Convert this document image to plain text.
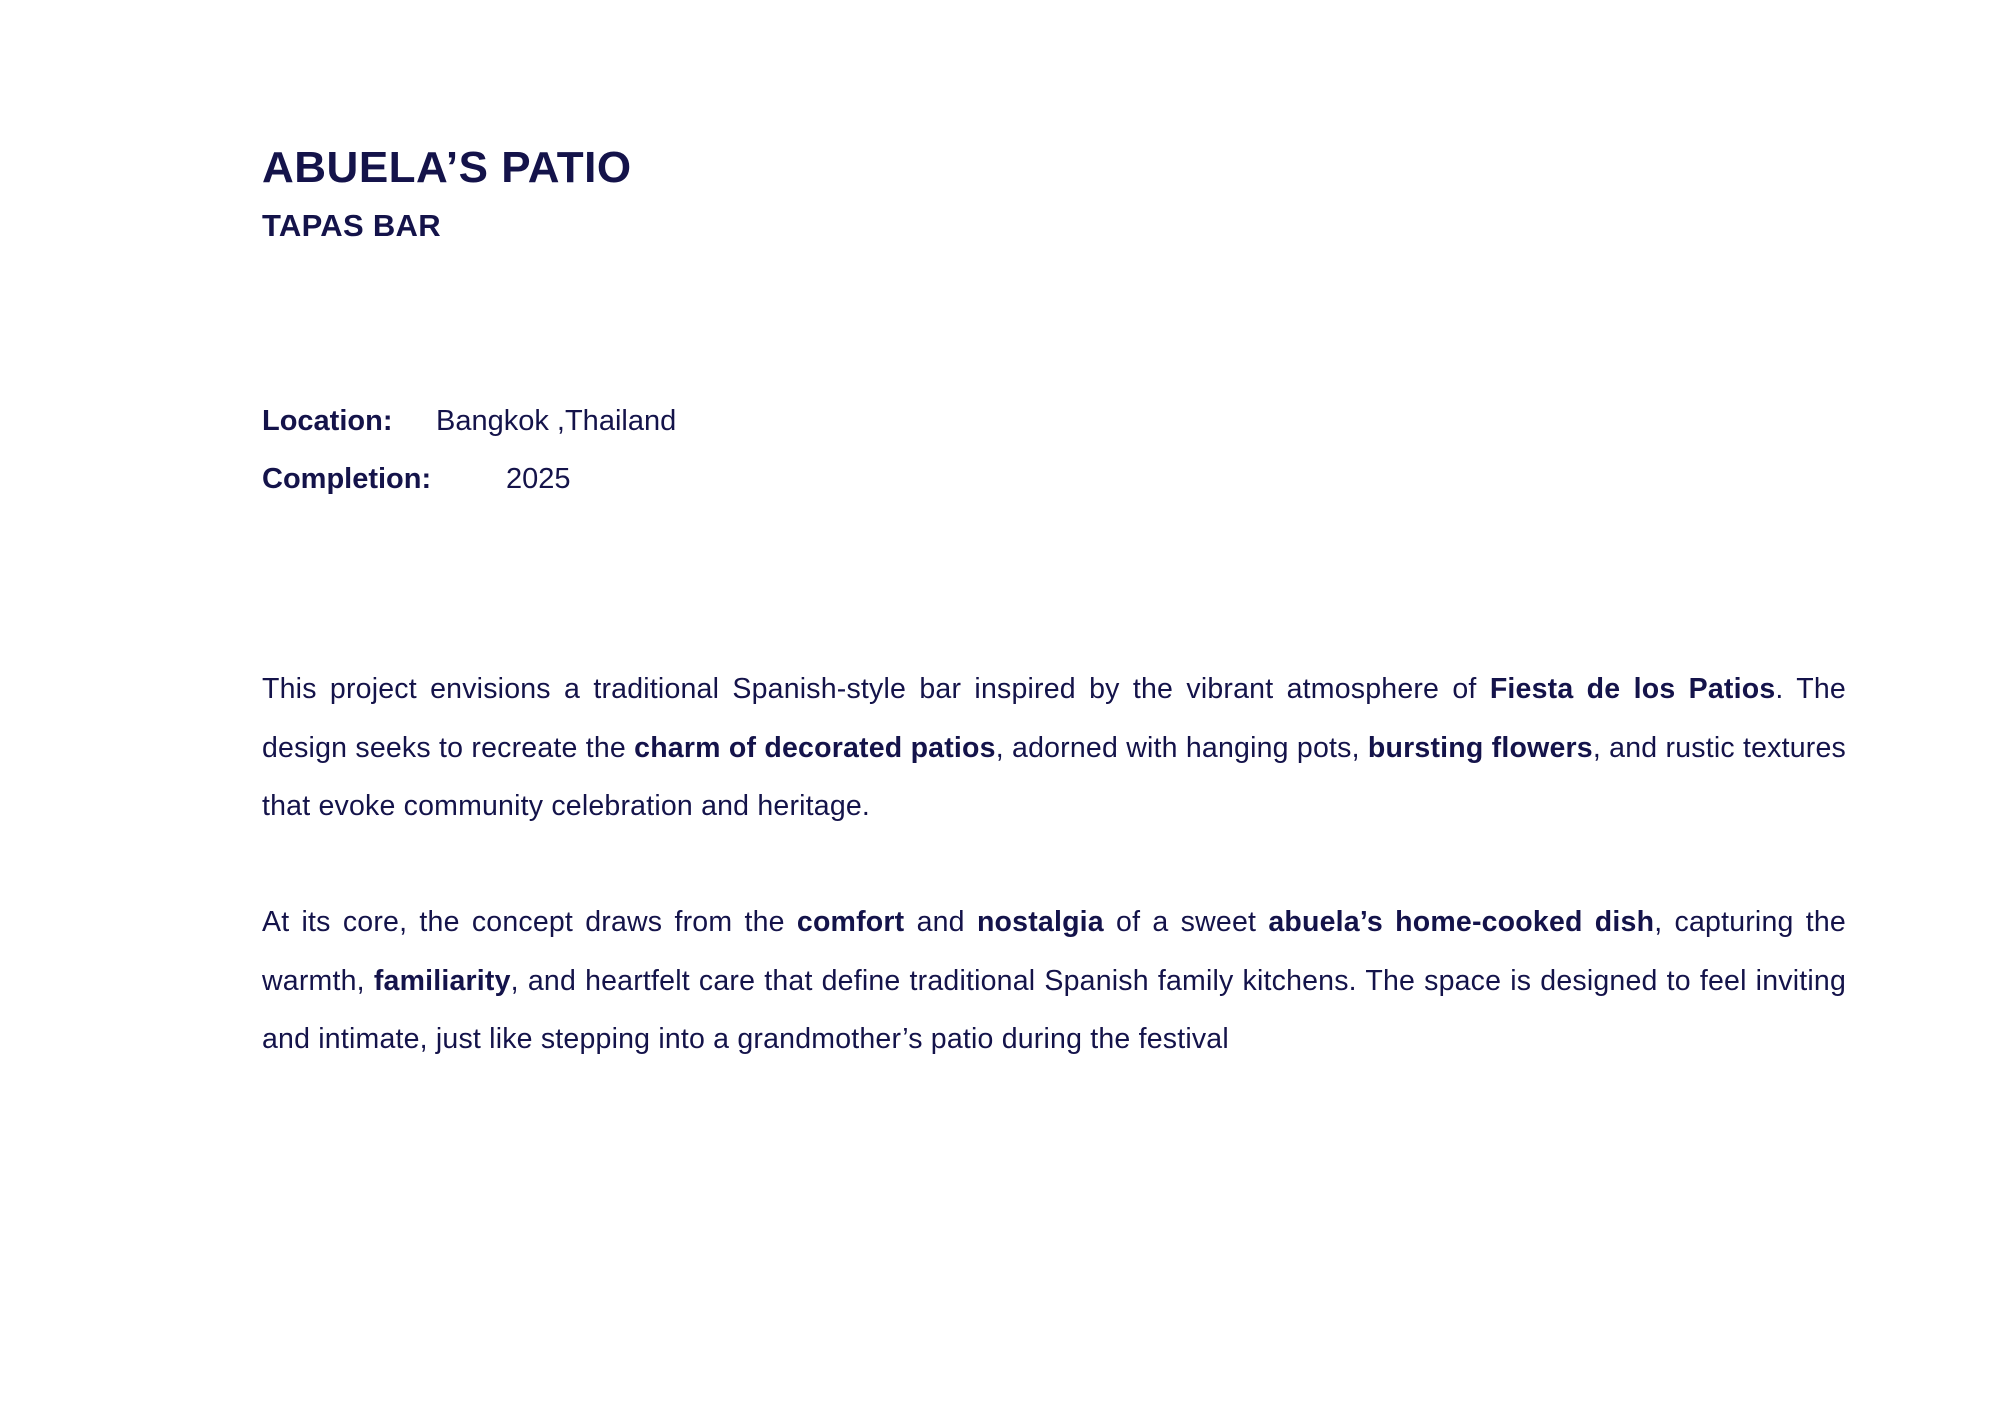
ABUELA’S PATIO
TAPAS BAR
Location: Bangkok ,Thailand
Completion:	2025

This project envisions a traditional Spanish-style bar inspired by the vibrant atmosphere of Fiesta de los Patios. The design seeks to recreate the charm of decorated patios, adorned with hanging pots, bursting flowers, and rustic textures that evoke community celebration and heritage.

At its core, the concept draws from the comfort and nostalgia of a sweet abuela’s home-cooked dish, capturing the warmth, familiarity, and heartfelt care that define traditional Spanish family kitchens. The space is designed to feel inviting and intimate, just like stepping into a grandmother’s patio during the festival
